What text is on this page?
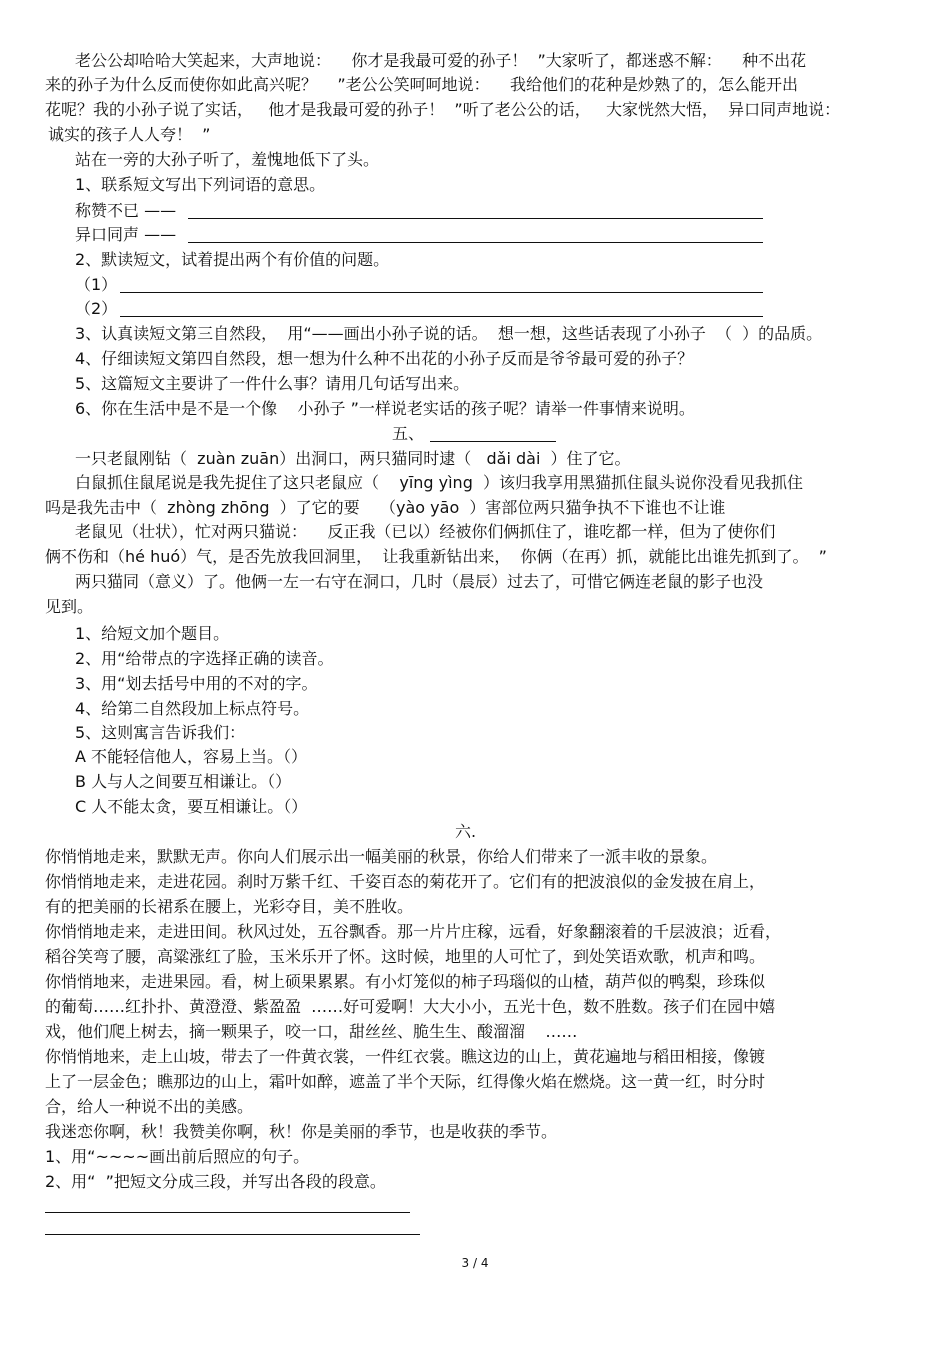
老公公却哈哈大笑起来，大声地说：    你才是我最可爱的孙子！  ”大家听了，都迷惑不解：    种不出花
来的孙子为什么反而使你如此高兴呢？    ”老公公笑呵呵地说：    我给他们的花种是炒熟了的，怎么能开出
花呢？我的小孙子说了实话，   他才是我最可爱的孙子！  ”听了老公公的话，   大家恍然大悟，  异口同声地说：
诚实的孩子人人夸！  ”
站在一旁的大孙子听了，羞愧地低下了头。
1、联系短文写出下列词语的意思。
称赞不已 ——
异口同声 ——
2、默读短文，试着提出两个有价值的问题。
（1）
（2）
3、认真读短文第三自然段，  用“——画出小孙子说的话。  想一想，这些话表现了小孙子  （  ）的品质。
4、仔细读短文第四自然段，想一想为什么种不出花的小孙子反而是爷爷最可爱的孙子？
5、这篇短文主要讲了一件什么事？请用几句话写出来。
6、你在生活中是不是一个像    小孙子 ”一样说老实话的孩子呢？请举一件事情来说明。
五、
一只老鼠刚钻（  zuàn zuān）出洞口，两只猫同时逮（   dǎi dài  ）住了它。
白鼠抓住鼠尾说是我先捉住了这只老鼠应（    yīng yìng  ）该归我享用黑猫抓住鼠头说你没看见我抓住
吗是我先击中（  zhòng zhōng  ）了它的要    （yào yāo  ）害部位两只猫争执不下谁也不让谁
老鼠见（壮状），忙对两只猫说：    反正我（已以）经被你们俩抓住了，谁吃都一样，但为了使你们
俩不伤和（hé huó）气，是否先放我回洞里，  让我重新钻出来，  你俩（在再）抓，就能比出谁先抓到了。  ”
两只猫同（意义）了。他俩一左一右守在洞口，几时（晨辰）过去了，可惜它俩连老鼠的影子也没
见到。
1、给短文加个题目。
2、用“给带点的字选择正确的读音。
3、用“划去括号中用的不对的字。
4、给第二自然段加上标点符号。
5、这则寓言告诉我们：
A 不能轻信他人，容易上当。（）
B 人与人之间要互相谦让。（）
C 人不能太贪，要互相谦让。（）
六.
你悄悄地走来，默默无声。你向人们展示出一幅美丽的秋景，你给人们带来了一派丰收的景象。
你悄悄地走来，走进花园。刹时万紫千红、千姿百态的菊花开了。它们有的把波浪似的金发披在肩上，
有的把美丽的长裙系在腰上，光彩夺目，美不胜收。
你悄悄地走来，走进田间。秋风过处，五谷飘香。那一片片庄稼，远看，好象翻滚着的千层波浪；近看，
稻谷笑弯了腰，高粱涨红了脸，玉米乐开了怀。这时候，地里的人可忙了，到处笑语欢歌，机声和鸣。
你悄悄地来，走进果园。看，树上硕果累累。有小灯笼似的柿子玛瑙似的山楂，葫芦似的鸭梨，珍珠似
的葡萄……红扑扑、黄澄澄、紫盈盈  ……好可爱啊！大大小小，五光十色，数不胜数。孩子们在园中嬉
戏，他们爬上树去，摘一颗果子，咬一口，甜丝丝、脆生生、酸溜溜    ……
你悄悄地来，走上山坡，带去了一件黄衣裳，一件红衣裳。瞧这边的山上，黄花遍地与稻田相接，像镀
上了一层金色；瞧那边的山上，霜叶如醉，遮盖了半个天际，红得像火焰在燃烧。这一黄一红，时分时
合，给人一种说不出的美感。
我迷恋你啊，秋！我赞美你啊，秋！你是美丽的季节，也是收获的季节。
1、用“~~~~画出前后照应的句子。
2、用“  ”把短文分成三段，并写出各段的段意。
3 / 4
